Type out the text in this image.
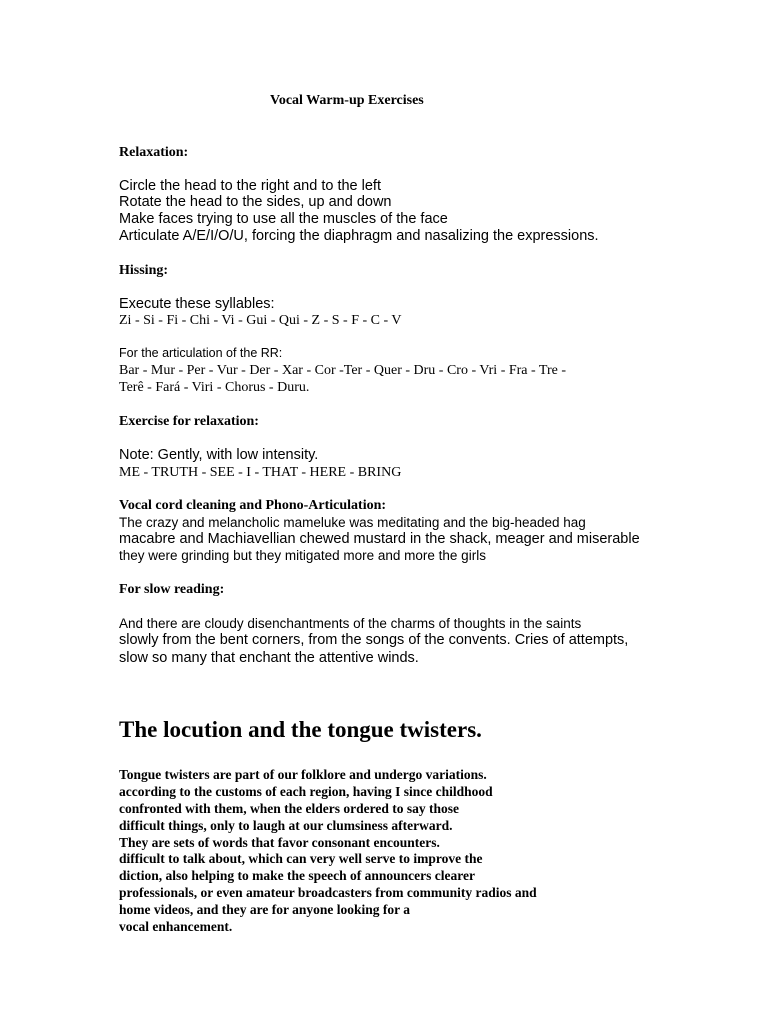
Vocal Warm-up Exercises
Relaxation:
Circle the head to the right and to the left
Rotate the head to the sides, up and down
Make faces trying to use all the muscles of the face
Articulate A/E/I/O/U, forcing the diaphragm and nasalizing the expressions.
Hissing:
Execute these syllables:
Zi - Si - Fi - Chi - Vi - Gui - Qui - Z - S - F - C - V
For the articulation of the RR:
Bar - Mur - Per - Vur - Der - Xar - Cor -Ter - Quer - Dru - Cro - Vri - Fra - Tre -
Terê - Fará - Viri - Chorus - Duru.
Exercise for relaxation:
Note: Gently, with low intensity.
ME - TRUTH - SEE - I - THAT - HERE - BRING
Vocal cord cleaning and Phono-Articulation:
The crazy and melancholic mameluke was meditating and the big-headed hag
macabre and Machiavellian chewed mustard in the shack, meager and miserable
they were grinding but they mitigated more and more the girls
For slow reading:
And there are cloudy disenchantments of the charms of thoughts in the saints
slowly from the bent corners, from the songs of the convents. Cries of attempts,
slow so many that enchant the attentive winds.
The locution and the tongue twisters.
Tongue twisters are part of our folklore and undergo variations.
according to the customs of each region, having I since childhood
confronted with them, when the elders ordered to say those
difficult things, only to laugh at our clumsiness afterward.
They are sets of words that favor consonant encounters.
difficult to talk about, which can very well serve to improve the
diction, also helping to make the speech of announcers clearer
professionals, or even amateur broadcasters from community radios and
home videos, and they are for anyone looking for a
vocal enhancement.
